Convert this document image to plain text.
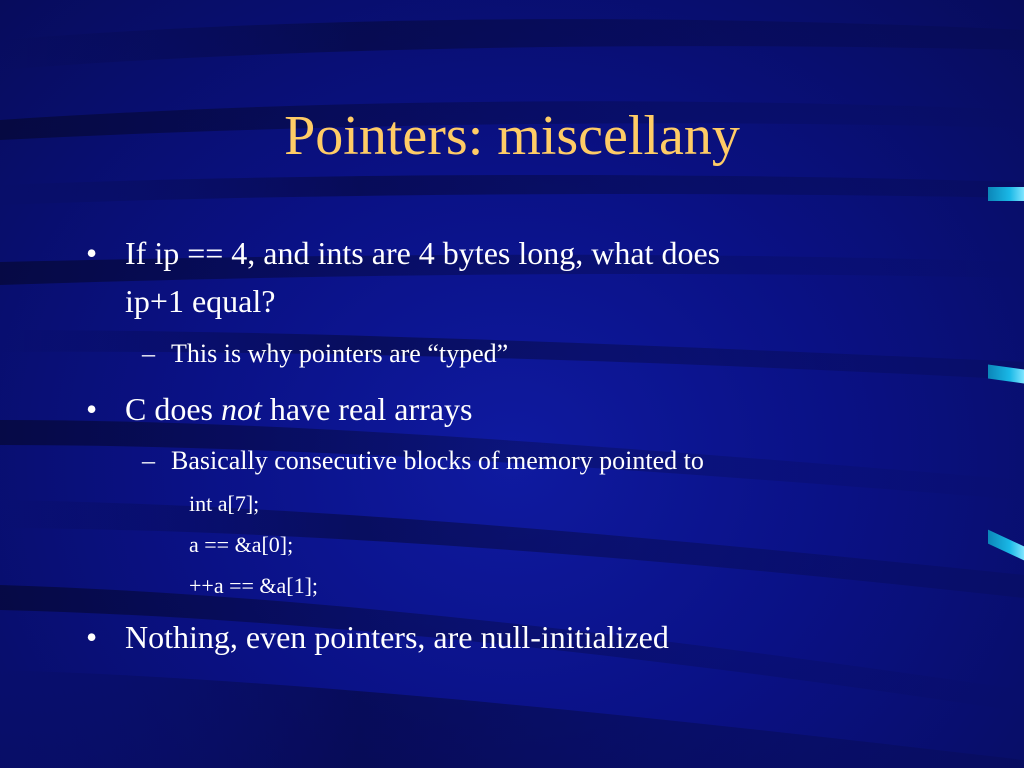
Pointers: miscellany
• If ip == 4, and ints are 4 bytes long, what does
ip+1 equal?
– This is why pointers are “typed”
• C does not have real arrays
– Basically consecutive blocks of memory pointed to
int a[7];
a == &a[0];
++a == &a[1];
• Nothing, even pointers, are null-initialized
